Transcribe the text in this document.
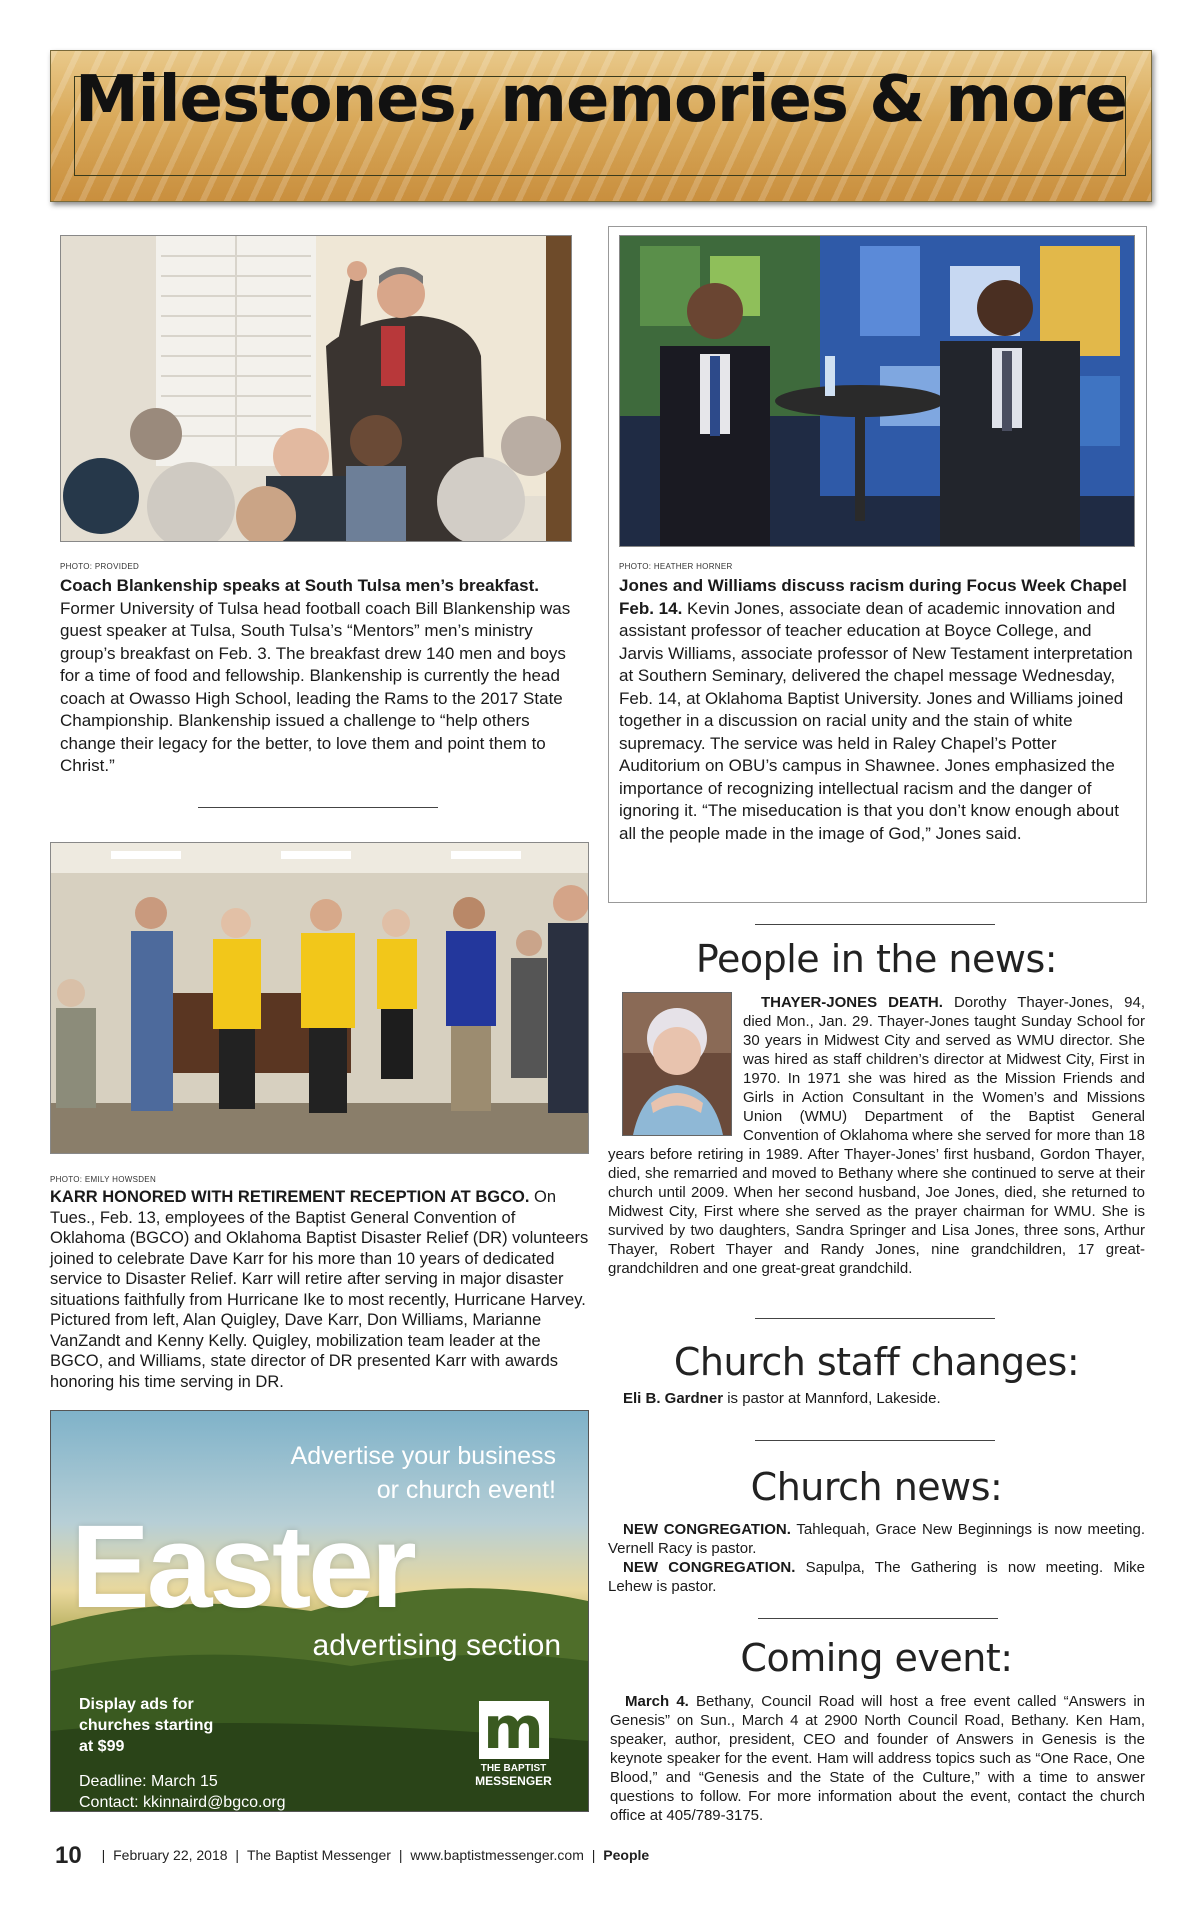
Milestones, memories & more
PHOTO: PROVIDED
Coach Blankenship speaks at South Tulsa men’s breakfast. Former University of Tulsa head football coach Bill Blankenship was guest speaker at Tulsa, South Tulsa’s “Mentors” men’s ministry group’s breakfast on Feb. 3. The breakfast drew 140 men and boys for a time of food and fellowship. Blankenship is currently the head coach at Owasso High School, leading the Rams to the 2017 State Championship. Blankenship issued a challenge to “help others change their legacy for the better, to love them and point them to Christ.”
PHOTO: HEATHER HORNER
Jones and Williams discuss racism during Focus Week Chapel Feb. 14. Kevin Jones, associate dean of academic innovation and assistant professor of teacher education at Boyce College, and Jarvis Williams, associate professor of New Testament interpretation at Southern Seminary, delivered the chapel message Wednesday, Feb. 14, at Oklahoma Baptist University. Jones and Williams joined together in a discussion on racial unity and the stain of white supremacy. The service was held in Raley Chapel’s Potter Auditorium on OBU’s campus in Shawnee. Jones emphasized the importance of recognizing intellectual racism and the danger of ignoring it. “The miseducation is that you don’t know enough about all the people made in the image of God,” Jones said.
PHOTO: EMILY HOWSDEN
KARR HONORED WITH RETIREMENT RECEPTION AT BGCO. On Tues., Feb. 13, employees of the Baptist General Convention of Oklahoma (BGCO) and Oklahoma Baptist Disaster Relief (DR) volunteers joined to celebrate Dave Karr for his more than 10 years of dedicated service to Disaster Relief. Karr will retire after serving in major disaster situations faithfully from Hurricane Ike to most recently, Hurricane Harvey. Pictured from left, Alan Quigley, Dave Karr, Don Williams, Marianne VanZandt and Kenny Kelly. Quigley, mobilization team leader at the BGCO, and Williams, state director of DR presented Karr with awards honoring his time serving in DR.
People in the news:
THAYER-JONES DEATH. Dorothy Thayer-Jones, 94, died Mon., Jan. 29. Thayer-Jones taught Sunday School for 30 years in Midwest City and served as WMU director. She was hired as staff children’s director at Midwest City, First in 1970. In 1971 she was hired as the Mission Friends and Girls in Action Consultant in the Women’s and Missions Union (WMU) Department of the Baptist General Convention of Oklahoma where she served for more than 18 years before retiring in 1989. After Thayer-Jones’ first husband, Gordon Thayer, died, she remarried and moved to Bethany where she continued to serve at their church until 2009. When her second husband, Joe Jones, died, she returned to Midwest City, First where she served as the prayer chairman for WMU. She is survived by two daughters, Sandra Springer and Lisa Jones, three sons, Arthur Thayer, Robert Thayer and Randy Jones, nine grandchildren, 17 great-grandchildren and one great-great grandchild.
Church staff changes:
Eli B. Gardner is pastor at Mannford, Lakeside.
Church news:
NEW CONGREGATION. Tahlequah, Grace New Beginnings is now meeting. Vernell Racy is pastor.
NEW CONGREGATION. Sapulpa, The Gathering is now meeting. Mike Lehew is pastor.
Coming event:
March 4. Bethany, Council Road will host a free event called “Answers in Genesis” on Sun., March 4 at 2900 North Council Road, Bethany. Ken Ham, speaker, author, president, CEO and founder of Answers in Genesis is the keynote speaker for the event. Ham will address topics such as “One Race, One Blood,” and “Genesis and the State of the Culture,” with a time to answer questions to follow. For more information about the event, contact the church office at 405/789-3175.
Advertise your business
or church event!
Easter
advertising section
Display ads for
churches starting
at $99
Deadline: March 15
Contact: kkinnaird@bgco.org
m
THE BAPTIST
MESSENGER
10 | February 22, 2018 | The Baptist Messenger | www.baptistmessenger.com | People
